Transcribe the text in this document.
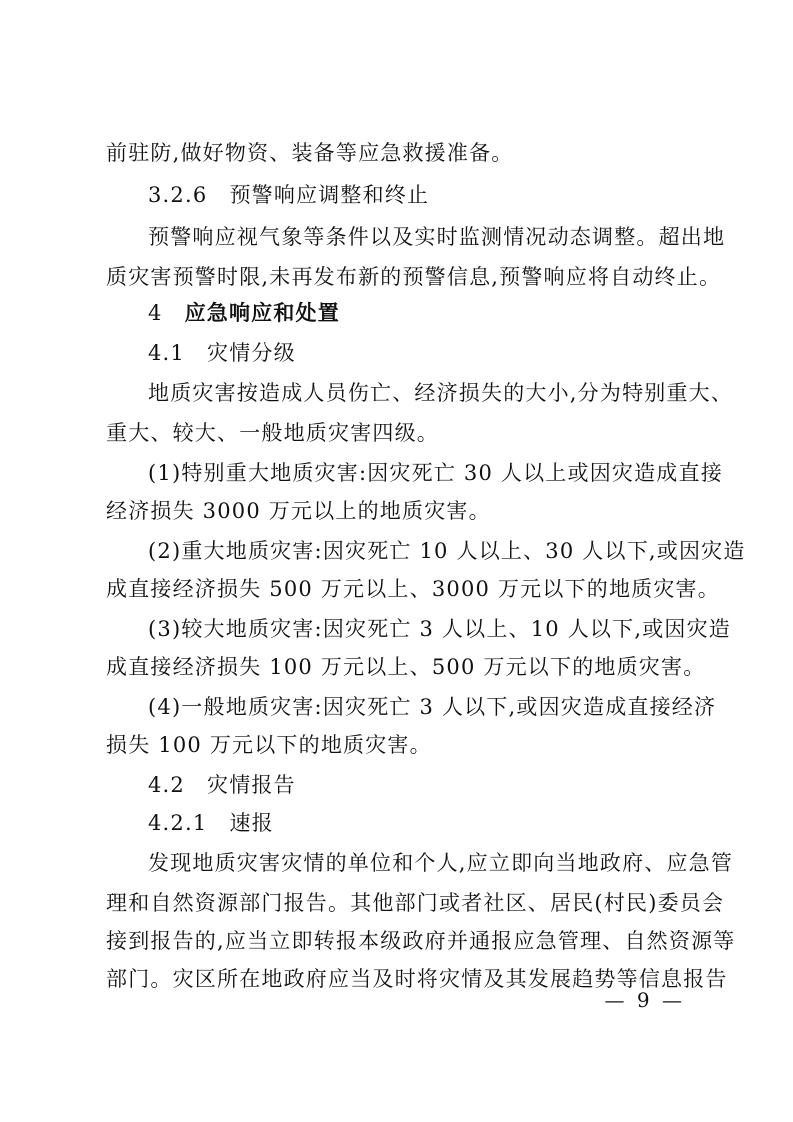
前驻防,做好物资、装备等应急救援准备。
3.2.6 预警响应调整和终止
预警响应视气象等条件以及实时监测情况动态调整。超出地
质灾害预警时限,未再发布新的预警信息,预警响应将自动终止。
4 应急响应和处置
4.1 灾情分级
地质灾害按造成人员伤亡、经济损失的大小,分为特别重大、
重大、较大、一般地质灾害四级。
(1)特别重大地质灾害:因灾死亡 30 人以上或因灾造成直接
经济损失 3000 万元以上的地质灾害。
(2)重大地质灾害:因灾死亡 10 人以上、30 人以下,或因灾造
成直接经济损失 500 万元以上、3000 万元以下的地质灾害。
(3)较大地质灾害:因灾死亡 3 人以上、10 人以下,或因灾造
成直接经济损失 100 万元以上、500 万元以下的地质灾害。
(4)一般地质灾害:因灾死亡 3 人以下,或因灾造成直接经济
损失 100 万元以下的地质灾害。
4.2 灾情报告
4.2.1 速报
发现地质灾害灾情的单位和个人,应立即向当地政府、应急管
理和自然资源部门报告。其他部门或者社区、居民(村民)委员会
接到报告的,应当立即转报本级政府并通报应急管理、自然资源等
部门。灾区所在地政府应当及时将灾情及其发展趋势等信息报告
— 9 —
